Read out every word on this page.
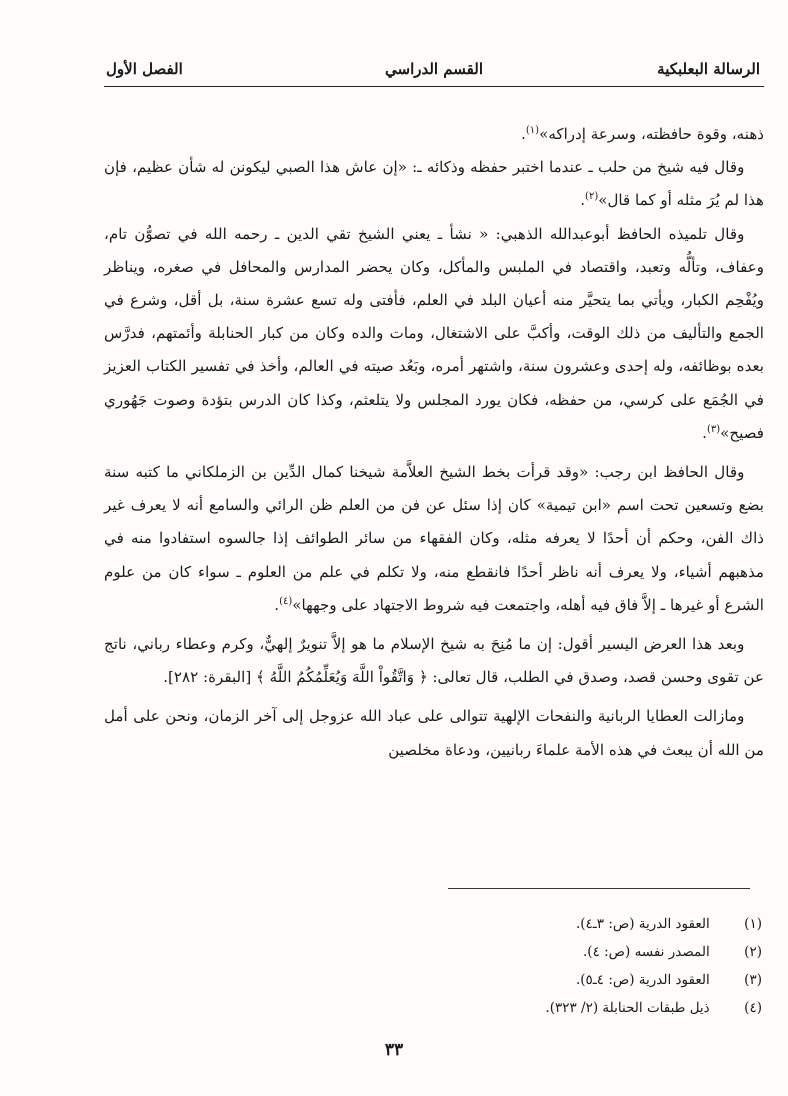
الرسالة البعلبكية
القسم الدراسي
الفصل الأول

ذهنه، وقوة حافظته، وسرعة إدراكه»$^{(١)}$.

وقال فيه شيخ من حلب ـ عندما اختبر حفظه وذكائه ـ: «إن عاش هذا الصبي ليكونن له شأن عظيم، فإن هذا لم يُرَ مثله أو كما قال»$^{(٢)}$.

وقال تلميذه الحافظ أبوعبدالله الذهبي: « نشأ ـ يعني الشيخ تقي الدين ـ رحمه الله في تصوُّن تام، وعفاف، وتألُّه وتعبد، واقتصاد في الملبس والمأكل، وكان يحضر المدارس والمحافل في صغره، ويناظر ويُفْحِم الكبار، ويأتي بما يتحيَّر منه أعيان البلد في العلم، فأفتى وله تسع عشرة سنة، بل أقل، وشرع في الجمع والتأليف من ذلك الوقت، وأكبَّ على الاشتغال، ومات والده وكان من كبار الحنابلة وأئمتهم، فدرَّس بعده بوظائفه، وله إحدى وعشرون سنة، واشتهر أمره، وبَعُد صيته في العالم، وأخذ في تفسير الكتاب العزيز في الجُمَع على كرسي، من حفظه، فكان يورد المجلس ولا يتلعثم، وكذا كان الدرس بتؤدة وصوت جَهُوري فصيح»$^{(٣)}$.

وقال الحافظ ابن رجب: «وقد قرأت بخط الشيخ العلاَّمة شيخنا كمال الدِّين بن الزملكاني ما كتبه سنة بضع وتسعين تحت اسم «ابن تيمية» كان إذا سئل عن فن من العلم ظن الرائي والسامع أنه لا يعرف غير ذاك الفن، وحكم أن أحدًا لا يعرفه مثله، وكان الفقهاء من سائر الطوائف إذا جالسوه استفادوا منه في مذهبهم أشياء، ولا يعرف أنه ناظر أحدًا فانقطع منه، ولا تكلم في علم من العلوم ـ سواء كان من علوم الشرع أو غيرها ـ إلاَّ فاق فيه أهله، واجتمعت فيه شروط الاجتهاد على وجهها»$^{(٤)}$.

وبعد هذا العرض اليسير أقول: إن ما مُنِحَ به شيخ الإسلام ما هو إلاَّ تنويرٌ إلهيٌّ، وكرم وعطاء رباني، ناتج عن تقوى وحسن قصد، وصدق في الطلب، قال تعالى: ﴿ وَاتَّقُواْ اللَّهَ وَيُعَلِّمُكُمُ اللَّهُ ﴾ [البقرة: ٢٨٢].

ومازالت العطايا الربانية والنفحات الإلهية تتوالى على عباد الله عزوجل إلى آخر الزمان، ونحن على أمل من الله أن يبعث في هذه الأمة علماءَ ربانيين، ودعاة مخلصين

(١) العقود الدرية (ص: ٣ـ٤).
(٢) المصدر نفسه (ص: ٤).
(٣) العقود الدرية (ص: ٤ـ٥).
(٤) ذيل طبقات الحنابلة (٢/ ٣٢٣).
٣٣
